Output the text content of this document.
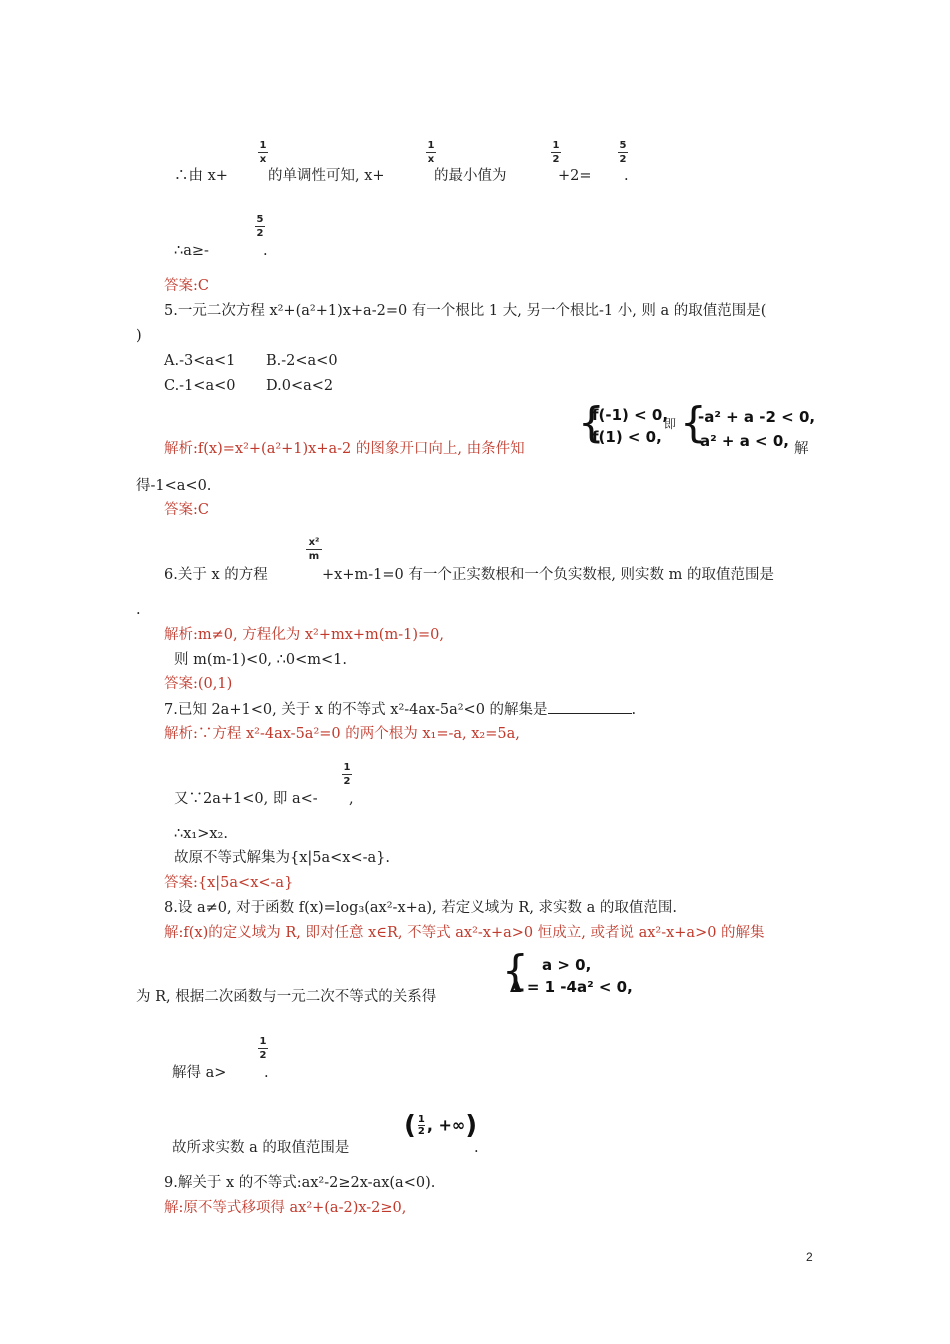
∴由 x+
1
x
的单调性可知, x+
1
x
的最小值为
1
2
+2=
5
2
.
∴a≥-
5
2
.
答案:C
5.一元二次方程 x²+(a²+1)x+a-2=0 有一个根比 1 大, 另一个根比-1 小, 则 a 的取值范围是(
)
A.-3<a<1 B.-2<a<0
C.-1<a<0 D.0<a<2
解析:f(x)=x²+(a²+1)x+a-2 的图象开口向上, 由条件知
{
f(-1) < 0,
f(1) < 0,
即 {
-a² + a -2 < 0,
a² + a < 0, 解
得-1<a<0.
答案:C
6.关于 x 的方程
x²
m
+x+m-1=0 有一个正实数根和一个负实数根, 则实数 m 的取值范围是
.
解析:m≠0, 方程化为 x²+mx+m(m-1)=0,
则 m(m-1)<0, ∴0<m<1.
答案:(0,1)
7.已知 2a+1<0, 关于 x 的不等式 x²-4ax-5a²<0 的解集是	.
解析:∵方程 x²-4ax-5a²=0 的两个根为 x₁=-a, x₂=5a,
又∵2a+1<0, 即 a<-
1
2
,
∴x₁>x₂.
故原不等式解集为{x|5a<x<-a}.
答案:{x|5a<x<-a}
8.设 a≠0, 对于函数 f(x)=log₃(ax²-x+a), 若定义域为 R, 求实数 a 的取值范围.
解:f(x)的定义域为 R, 即对任意 x∈R, 不等式 ax²-x+a>0 恒成立, 或者说 ax²-x+a>0 的解集
为 R, 根据二次函数与一元二次不等式的关系得
{ a > 0,
Δ = 1 -4a² < 0,
解得 a>
1
2
.
故所求实数 a 的取值范围是
( $\frac{1}{2}$ , +∞)
.
9.解关于 x 的不等式:ax²-2≥2x-ax(a<0).
解:原不等式移项得 ax²+(a-2)x-2≥0,
2
